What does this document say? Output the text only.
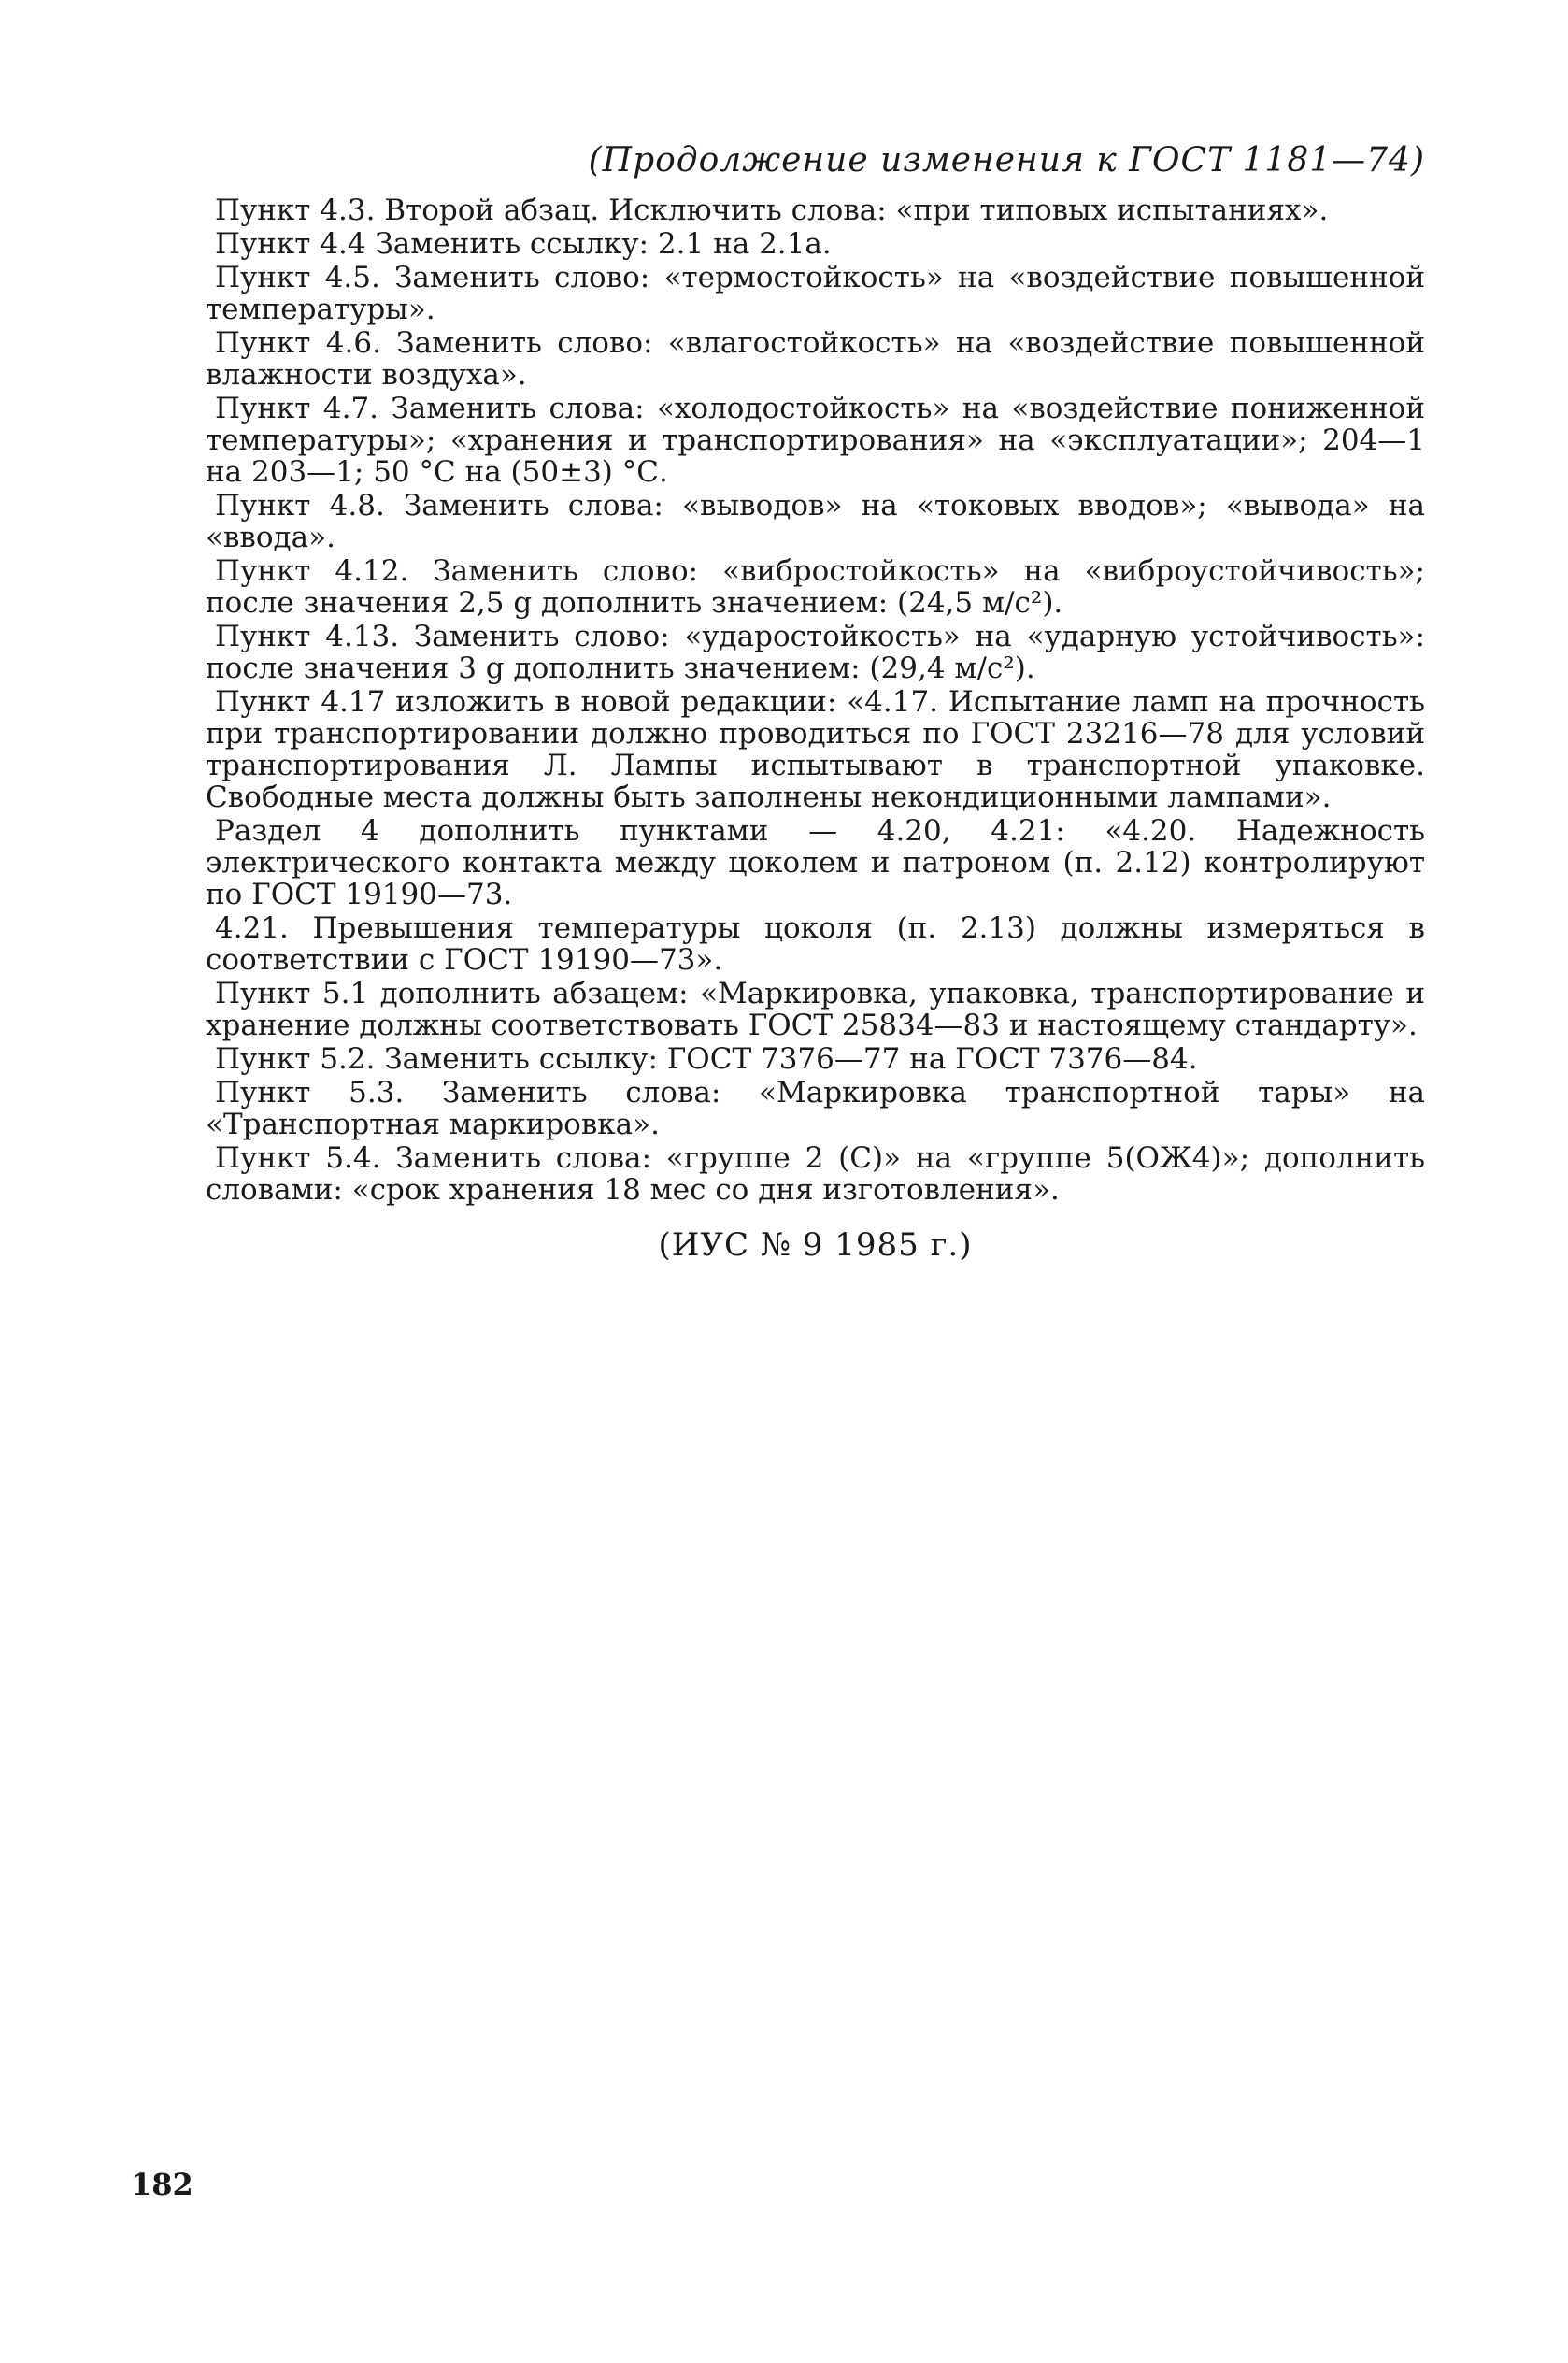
(Продолжение изменения к ГОСТ 1181—74)

Пункт 4.3. Второй абзац. Исключить слова: «при типовых испытаниях».

Пункт 4.4 Заменить ссылку: 2.1 на 2.1а.

Пункт 4.5. Заменить слово: «термостойкость» на «воздействие повышенной температуры».

Пункт 4.6. Заменить слово: «влагостойкость» на «воздействие повышенной влажности воздуха».

Пункт 4.7. Заменить слова: «холодостойкость» на «воздействие пониженной температуры»; «хранения и транспортирования» на «эксплуатации»; 204—1 на 203—1; 50 °С на (50±3) °С.

Пункт 4.8. Заменить слова: «выводов» на «токовых вводов»; «вывода» на «ввода».

Пункт 4.12. Заменить слово: «вибростойкость» на «виброустойчивость»; после значения 2,5 g дополнить значением: (24,5 м/с²).

Пункт 4.13. Заменить слово: «ударостойкость» на «ударную устойчивость»: после значения 3 g дополнить значением: (29,4 м/с²).

Пункт 4.17 изложить в новой редакции: «4.17. Испытание ламп на прочность при транспортировании должно проводиться по ГОСТ 23216—78 для условий транспортирования Л. Лампы испытывают в транспортной упаковке. Свободные места должны быть заполнены некондиционными лампами».

Раздел 4 дополнить пунктами — 4.20, 4.21: «4.20. Надежность электрического контакта между цоколем и патроном (п. 2.12) контролируют по ГОСТ 19190—73.

4.21. Превышения температуры цоколя (п. 2.13) должны измеряться в соответствии с ГОСТ 19190—73».

Пункт 5.1 дополнить абзацем: «Маркировка, упаковка, транспортирование и хранение должны соответствовать ГОСТ 25834—83 и настоящему стандарту».

Пункт 5.2. Заменить ссылку: ГОСТ 7376—77 на ГОСТ 7376—84.

Пункт 5.3. Заменить слова: «Маркировка транспортной тары» на «Транспортная маркировка».

Пункт 5.4. Заменить слова: «группе 2 (С)» на «группе 5(ОЖ4)»; дополнить словами: «срок хранения 18 мес со дня изготовления».

(ИУС № 9 1985 г.)
182
